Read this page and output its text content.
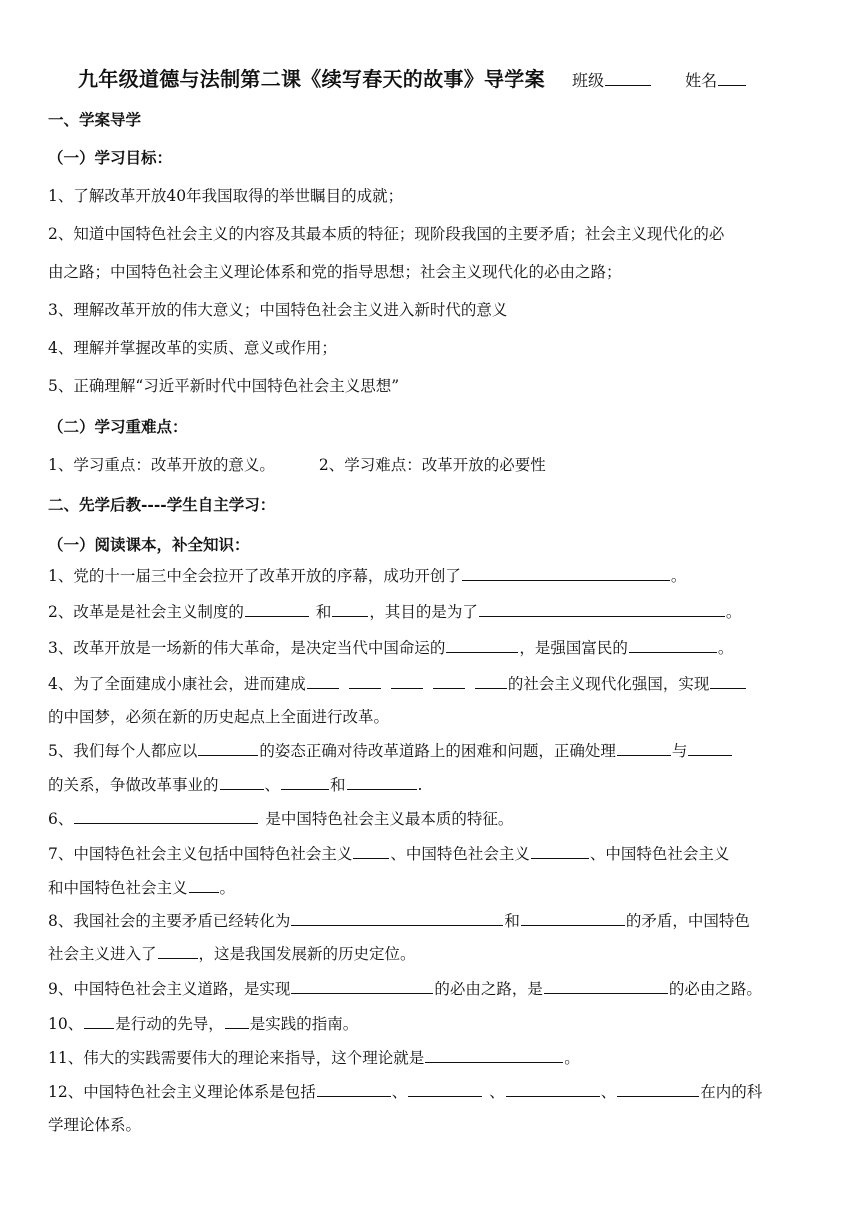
九年级道德与法制第二课《续写春天的故事》导学案 班级	姓名
一、学案导学
（一）学习目标：
1、了解改革开放40年我国取得的举世瞩目的成就；
2、知道中国特色社会主义的内容及其最本质的特征；现阶段我国的主要矛盾；社会主义现代化的必
由之路；中国特色社会主义理论体系和党的指导思想；社会主义现代化的必由之路；
3、理解改革开放的伟大意义；中国特色社会主义进入新时代的意义
4、理解并掌握改革的实质、意义或作用；
5、正确理解“习近平新时代中国特色社会主义思想”
（二）学习重难点：
1、学习重点：改革开放的意义。	2、学习难点：改革开放的必要性
二、先学后教----学生自主学习：
（一）阅读课本，补全知识：
1、党的十一届三中全会拉开了改革开放的序幕，成功开创了	。
2、改革是是社会主义制度的	和 ，其目的是为了	。
3、改革开放是一场新的伟大革命，是决定当代中国命运的	，是强国富民的	。
4、为了全面建成小康社会，进而建成	的社会主义现代化强国，实现
的中国梦，必须在新的历史起点上全面进行改革。
5、我们每个人都应以	的姿态正确对待改革道路上的困难和问题，正确处理	与
的关系，争做改革事业的	、	和	.
6、	是中国特色社会主义最本质的特征。
7、中国特色社会主义包括中国特色社会主义 、中国特色社会主义	、中国特色社会主义
和中国特色社会主义 。
8、我国社会的主要矛盾已经转化为	和	的矛盾，中国特色
社会主义进入了	，这是我国发展新的历史定位。
9、中国特色社会主义道路，是实现	的必由之路，是	的必由之路。
10、 是行动的先导， 是实践的指南。
11、伟大的实践需要伟大的理论来指导，这个理论就是	。
12、中国特色社会主义理论体系是包括	、	、	、	在内的科
学理论体系。
